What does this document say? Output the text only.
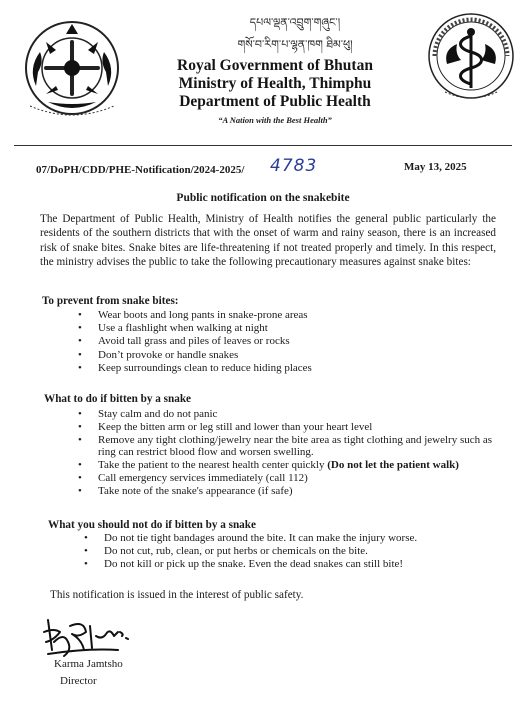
དཔལ་ལྡན་འབྲུག་གཞུང་།
གསོ་བ་རིག་པ་ལྷན་ཁག ཐིམ་ཕུ།
Royal Government of Bhutan
Ministry of Health, Thimphu
Department of Public Health
“A Nation with the Best Health”
07/DoPH/CDD/PHE-Notification/2024-2025/ 4783	May 13, 2025
Public notification on the snakebite
The Department of Public Health, Ministry of Health notifies the general public particularly the residents of the southern districts that with the onset of warm and rainy season, there is an increased risk of snake bites. Snake bites are life-threatening if not treated properly and timely. In this respect, the ministry advises the public to take the following precautionary measures against snake bites:
To prevent from snake bites:
• Wear boots and long pants in snake-prone areas
• Use a flashlight when walking at night
• Avoid tall grass and piles of leaves or rocks
• Don’t provoke or handle snakes
• Keep surroundings clean to reduce hiding places
What to do if bitten by a snake
• Stay calm and do not panic
• Keep the bitten arm or leg still and lower than your heart level
• Remove any tight clothing/jewelry near the bite area as tight clothing and jewelry such as ring can restrict blood flow and worsen swelling.
• Take the patient to the nearest health center quickly (Do not let the patient walk)
• Call emergency services immediately (call 112)
• Take note of the snake's appearance (if safe)
What you should not do if bitten by a snake
• Do not tie tight bandages around the bite. It can make the injury worse.
• Do not cut, rub, clean, or put herbs or chemicals on the bite.
• Do not kill or pick up the snake. Even the dead snakes can still bite!
This notification is issued in the interest of public safety.
Karma Jamtsho
Director
